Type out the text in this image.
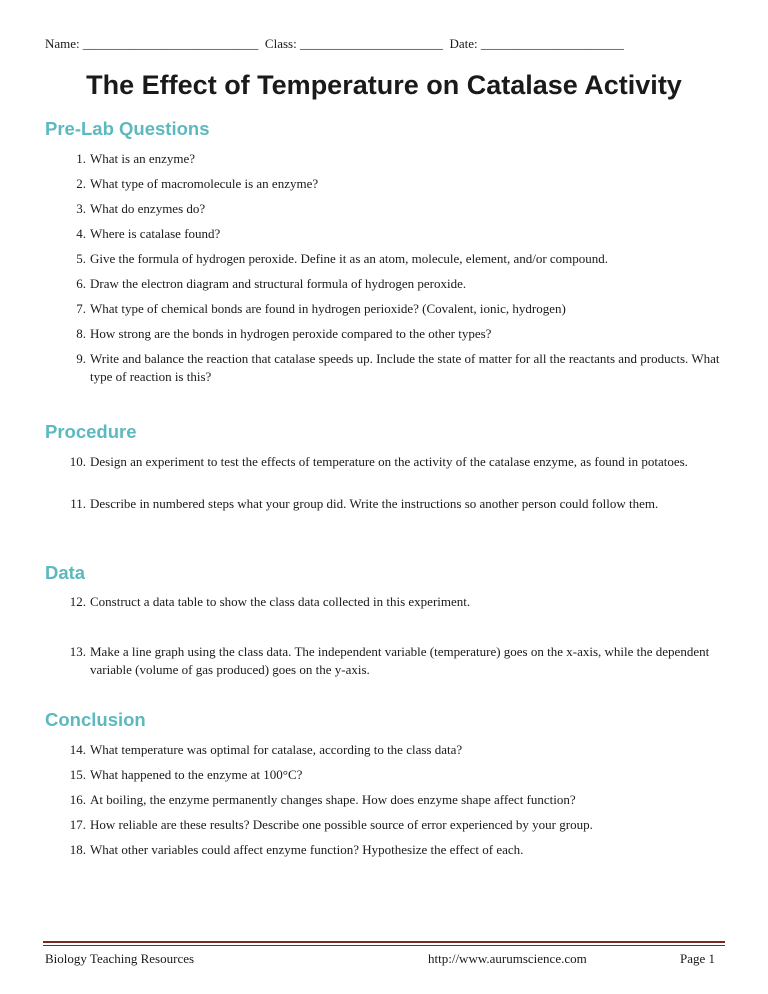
Name: ___________________________ Class: ______________________ Date: ______________________
The Effect of Temperature on Catalase Activity
Pre-Lab Questions
1. What is an enzyme?
2. What type of macromolecule is an enzyme?
3. What do enzymes do?
4. Where is catalase found?
5. Give the formula of hydrogen peroxide. Define it as an atom, molecule, element, and/or compound.
6. Draw the electron diagram and structural formula of hydrogen peroxide.
7. What type of chemical bonds are found in hydrogen perioxide? (Covalent, ionic, hydrogen)
8. How strong are the bonds in hydrogen peroxide compared to the other types?
9. Write and balance the reaction that catalase speeds up. Include the state of matter for all the reactants and products. What type of reaction is this?
Procedure
10. Design an experiment to test the effects of temperature on the activity of the catalase enzyme, as found in potatoes.
11. Describe in numbered steps what your group did. Write the instructions so another person could follow them.
Data
12. Construct a data table to show the class data collected in this experiment.
13. Make a line graph using the class data. The independent variable (temperature) goes on the x-axis, while the dependent variable (volume of gas produced) goes on the y-axis.
Conclusion
14. What temperature was optimal for catalase, according to the class data?
15. What happened to the enzyme at 100°C?
16. At boiling, the enzyme permanently changes shape. How does enzyme shape affect function?
17. How reliable are these results? Describe one possible source of error experienced by your group.
18. What other variables could affect enzyme function? Hypothesize the effect of each.
Biology Teaching Resources	http://www.aurumscience.com	Page 1
